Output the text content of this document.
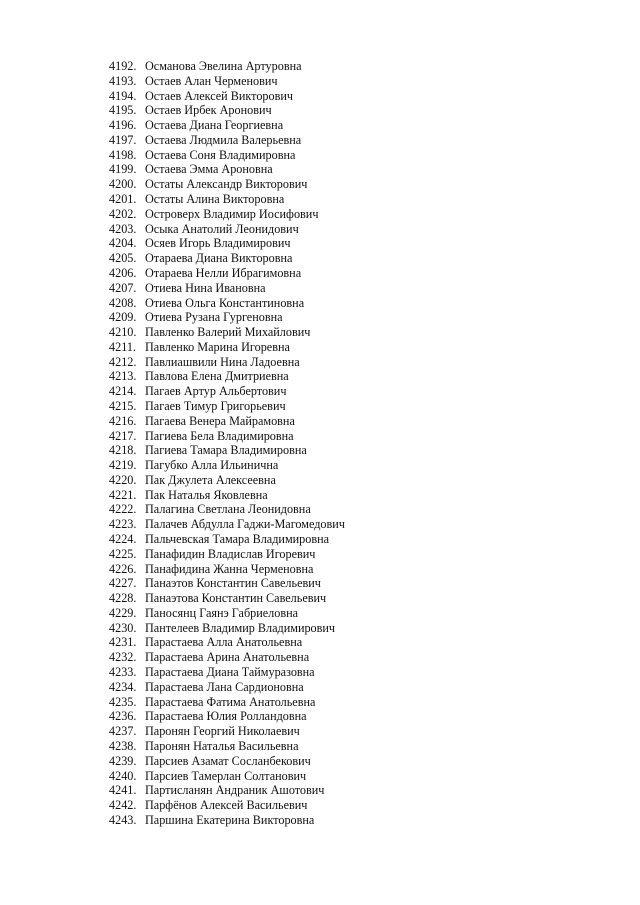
4192. Османова Эвелина Артуровна
4193. Остаев Алан Черменович
4194. Остаев Алексей Викторович
4195. Остаев Ирбек Аронович
4196. Остаева Диана Георгиевна
4197. Остаева Людмила Валерьевна
4198. Остаева Соня Владимировна
4199. Остаева Эмма Ароновна
4200. Остаты Александр Викторович
4201. Остаты Алина Викторовна
4202. Островерх Владимир Иосифович
4203. Осыка Анатолий Леонидович
4204. Осяев Игорь Владимирович
4205. Отараева Диана Викторовна
4206. Отараева Нелли Ибрагимовна
4207. Отиева Нина Ивановна
4208. Отиева Ольга Константиновна
4209. Отиева Рузана Гургеновна
4210. Павленко Валерий Михайлович
4211. Павленко Марина Игоревна
4212. Павлиашвили Нина Ладоевна
4213. Павлова Елена Дмитриевна
4214. Пагаев Артур Альбертович
4215. Пагаев Тимур Григорьевич
4216. Пагаева Венера Майрамовна
4217. Пагиева Бела Владимировна
4218. Пагиева Тамара Владимировна
4219. Пагубко Алла Ильинична
4220. Пак Джулета Алексеевна
4221. Пак Наталья Яковлевна
4222. Палагина Светлана Леонидовна
4223. Палачев Абдулла Гаджи-Магомедович
4224. Пальчевская Тамара Владимировна
4225. Панафидин Владислав Игоревич
4226. Панафидина Жанна Черменовна
4227. Панаэтов Константин Савельевич
4228. Панаэтова Константин Савельевич
4229. Паносянц Гаянэ Габриеловна
4230. Пантелеев Владимир Владимирович
4231. Парастаева Алла Анатольевна
4232. Парастаева Арина Анатольевна
4233. Парастаева Диана Таймуразовна
4234. Парастаева Лана Сардионовна
4235. Парастаева Фатима Анатольевна
4236. Парастаева Юлия Ролландовна
4237. Паронян Георгий Николаевич
4238. Паронян Наталья Васильевна
4239. Парсиев Азамат Сосланбекович
4240. Парсиев Тамерлан Солтанович
4241. Партисланян Андраник Ашотович
4242. Парфёнов Алексей Васильевич
4243. Паршина Екатерина Викторовна
